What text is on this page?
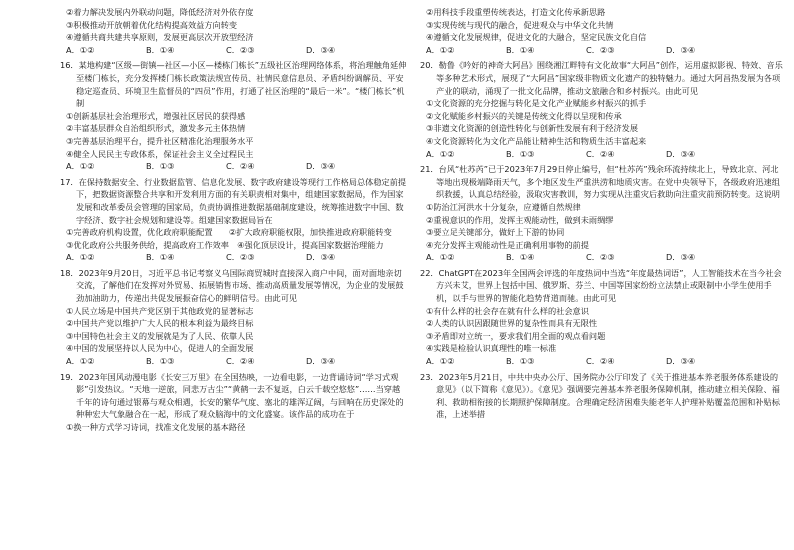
②着力解决发展内外联动问题，降低经济对外依存度

③积极推动开放朝着优化结构提高效益方向转变

④遵循共商共建共享原则，发展更高层次开放型经济

A．①②	B．①④	C．②③	D．③④

16．某地构建“区级—街镇—社区—小区—楼栋门栋长”五级社区治理网络体系，将治理触角延伸至楼门栋长，充分发挥楼门栋长政策法规宣传员、社情民意信息员、矛盾纠纷调解员、平安稳定巡查员、环境卫生监督员的“四员”作用，打通了社区治理的“最后一米”。“楼门栋长”机制

①创新基层社会治理形式，增强社区居民的获得感

②丰富基层群众自治组织形式，激发多元主体热情

③完善基层治理平台，提升社区精准化治理服务水平

④健全人民民主专政体系，保证社会主义全过程民主

A．①②	B．①③	C．②④	D．③④

17．在保持数据安全、行业数据监管、信息化发展、数字政府建设等现行工作格局总体稳定前提下，把数据资源整合共享和开发利用方面的有关职责相对集中，组建国家数据局，作为国家发展和改革委员会管理的国家局，负责协调推进数据基础制度建设，统筹推进数字中国、数字经济、数字社会规划和建设等。组建国家数据局旨在

①完善政府机构设置，优化政府职能配置　　②扩大政府职能权限，加快推进政府职能转变

③优化政府公共服务供给，提高政府工作效率　④强化顶层设计，提高国家数据治理能力

A．①②	B．①④	C．②③	D．③④

18．2023年9月20日，习近平总书记考察义乌国际商贸城时直接深入商户中间，面对面地亲切交流，了解他们在发挥对外贸易、拓展销售市场、推动高质量发展等情况，为企业的发展鼓劲加油助力，传递出共促发展振奋信心的鲜明信号。由此可见

①人民立场是中国共产党区别于其他政党的显著标志

②中国共产党以维护广大人民的根本利益为最终目标

③中国特色社会主义的发展就是为了人民、依靠人民

④中国的发展坚持以人民为中心，促进人的全面发展

A．①②	B．①③	C．②④	D．③④

19．2023年国风动漫电影《长安三万里》在全国热映，一边看电影，一边背诵诗词“学习式观影”引发热议。“天地一逆旅，同悲万古尘”“黄鹤一去不复返，白云千载空悠悠”……当穿越千年的诗句通过银幕与观众相遇，长安的繁华气度、塞北的雄浑辽阔，与回响在历史深处的种种宏大气象融合在一起，形成了观众脑海中的文化盛宴。该作品的成功在于

①换一种方式学习诗词，找准文化发展的基本路径

②用科技手段重塑传统表达，打造文化传承新思路

③实现传统与现代的融合，促进观众与中华文化共情

④遵循文化发展规律，促进文化的大融合，坚定民族文化自信

A．①②	B．①④	C．②③	D．③④

20．勒鲁《吟好的神奇大阿昌》围绕湘江畔特有文化故事“大阿昌”创作，运用虚拟影视、特效、音乐等多种艺术形式，展现了“大阿昌”国家级非物质文化遗产的独特魅力。通过大阿昌热发展为各项产业的联动，涌现了一批文化品牌，推动文旅融合和乡村振兴。由此可见

①文化资源的充分挖掘与转化是文化产业赋能乡村振兴的抓手

②文化赋能乡村振兴的关键是传统文化得以呈现和传承

③非遗文化资源的创造性转化与创新性发展有利于经济发展

④文化资源转化为文化产品能让精神生活和物质生活丰富起来

A．①②	B．①③	C．②④	D．③④

21．台风“杜苏芮”已于2023年7月29日停止编号，但“杜苏芮”残余环流持续北上，导致北京、河北等地出现极端降雨天气，多个地区发生严重洪涝和地质灾害。在党中央领导下，各级政府迅速组织救援，认真总结经验，汲取灾害教训，努力实现从注重灾后救助向注重灾前预防转变。这说明

①防治江河洪水十分复杂，应遵循自然规律

②重视意识的作用，发挥主观能动性，做到未雨绸缪

③要立足关键部分，做好上下游的协同

④充分发挥主观能动性是正确利用事物的前提

A．①②	B．①④	C．②③	D．③④

22．ChatGPT在2023年全国两会评选的年度热词中当选“年度最热词语”，人工智能技术在当今社会方兴未艾，世界上包括中国、俄罗斯、芬兰、中国等国家纷纷立法禁止或限制中小学生使用手机，以手与世界的智能化趋势背道而驰。由此可见

①有什么样的社会存在就有什么样的社会意识

②人类的认识因跟随世界的复杂性而具有无限性

③矛盾即对立统一，要求我们用全面的观点看问题

④实践是检验认识真理性的唯一标准

A．①②	B．①③	C．②④	D．③④

23．2023年5月21日，中共中央办公厅、国务院办公厅印发了《关于推进基本养老服务体系建设的意见》（以下简称《意见》）。《意见》强调要完善基本养老服务保障机制，推动建立相关保险、福利、救助相衔接的长期照护保障制度。合理确定经济困难失能老年人护理补贴覆盖范围和补贴标准，上述举措
